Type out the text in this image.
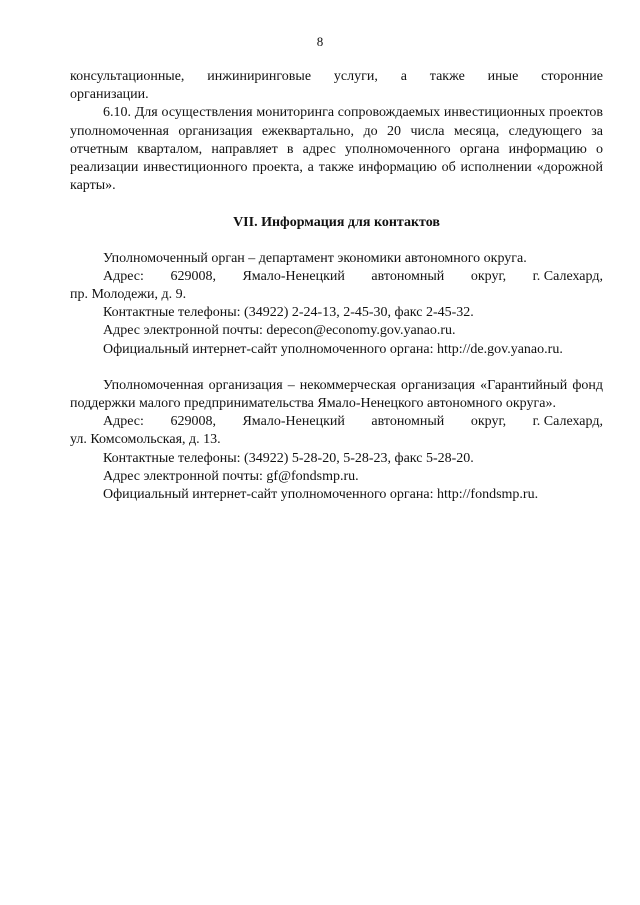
8

консультационные, инжиниринговые услуги, а также иные сторонние

организации.

6.10. Для осуществления мониторинга сопровождаемых инвестиционных проектов уполномоченная организация ежеквартально, до 20 числа месяца, следующего за отчетным кварталом, направляет в адрес уполномоченного органа информацию о реализации инвестиционного проекта, а также информацию об исполнении «дорожной карты».

VII. Информация для контактов

Уполномоченный орган – департамент экономики автономного округа.

Адрес: 629008, Ямало-Ненецкий автономный округ, г. Салехард,

пр. Молодежи, д. 9.

Контактные телефоны: (34922) 2-24-13, 2-45-30, факс 2-45-32.

Адрес электронной почты: depecon@economy.gov.yanao.ru.

Официальный интернет-сайт уполномоченного органа: http://de.gov.yanao.ru.

Уполномоченная организация – некоммерческая организация «Гарантийный фонд поддержки малого предпринимательства Ямало-Ненецкого автономного округа».

Адрес: 629008, Ямало-Ненецкий автономный округ, г. Салехард,

ул. Комсомольская, д. 13.

Контактные телефоны: (34922) 5-28-20, 5-28-23, факс 5-28-20.

Адрес электронной почты: gf@fondsmp.ru.

Официальный интернет-сайт уполномоченного органа: http://fondsmp.ru.
